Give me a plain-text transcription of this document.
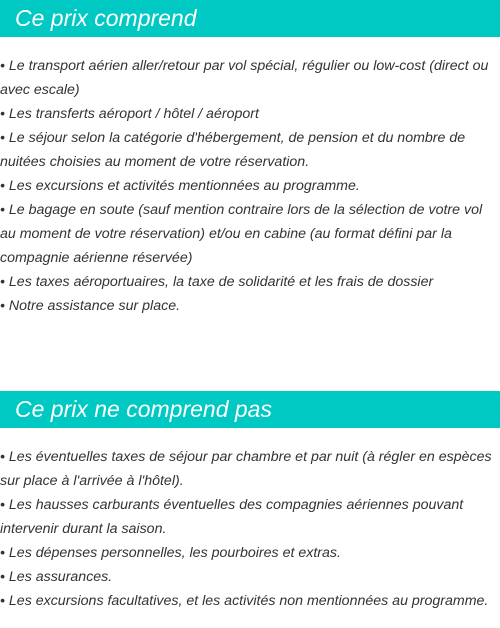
Ce prix comprend
• Le transport aérien aller/retour par vol spécial, régulier ou low-cost (direct ou avec escale)
• Les transferts aéroport / hôtel / aéroport
• Le séjour selon la catégorie d'hébergement, de pension et du nombre de nuitées choisies au moment de votre réservation.
• Les excursions et activités mentionnées au programme.
• Le bagage en soute (sauf mention contraire lors de la sélection de votre vol au moment de votre réservation) et/ou en cabine (au format défini par la compagnie aérienne réservée)
• Les taxes aéroportuaires, la taxe de solidarité et les frais de dossier
• Notre assistance sur place.
Ce prix ne comprend pas
• Les éventuelles taxes de séjour par chambre et par nuit (à régler en espèces sur place à l'arrivée à l'hôtel).
• Les hausses carburants éventuelles des compagnies aériennes pouvant intervenir durant la saison.
• Les dépenses personnelles, les pourboires et extras.
• Les assurances.
• Les excursions facultatives, et les activités non mentionnées au programme.
